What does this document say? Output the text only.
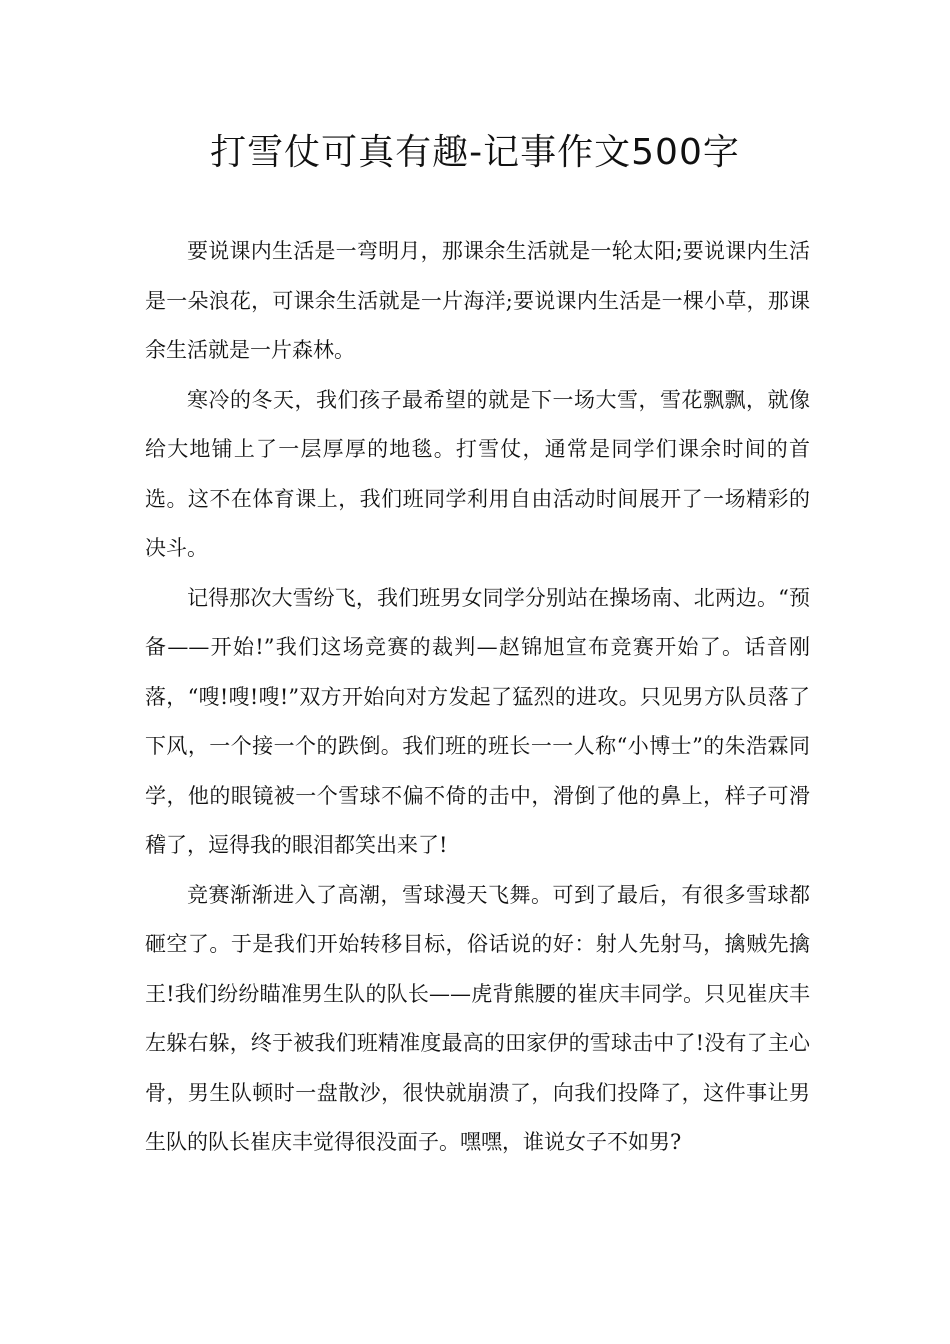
打雪仗可真有趣-记事作文500字

要说课内生活是一弯明月，那课余生活就是一轮太阳;要说课内生活是一朵浪花，可课余生活就是一片海洋;要说课内生活是一棵小草，那课余生活就是一片森林。

寒冷的冬天，我们孩子最希望的就是下一场大雪，雪花飘飘，就像给大地铺上了一层厚厚的地毯。打雪仗，通常是同学们课余时间的首选。这不在体育课上，我们班同学利用自由活动时间展开了一场精彩的决斗。

记得那次大雪纷飞，我们班男女同学分别站在操场南、北两边。“预备——开始!”我们这场竞赛的裁判—赵锦旭宣布竞赛开始了。话音刚落，“嗖!嗖!嗖!”双方开始向对方发起了猛烈的进攻。只见男方队员落了下风，一个接一个的跌倒。我们班的班长一一人称“小博士”的朱浩霖同学，他的眼镜被一个雪球不偏不倚的击中，滑倒了他的鼻上，样子可滑稽了，逗得我的眼泪都笑出来了!

竞赛渐渐进入了高潮，雪球漫天飞舞。可到了最后，有很多雪球都砸空了。于是我们开始转移目标，俗话说的好：射人先射马，擒贼先擒王!我们纷纷瞄准男生队的队长——虎背熊腰的崔庆丰同学。只见崔庆丰左躲右躲，终于被我们班精准度最高的田家伊的雪球击中了!没有了主心骨，男生队顿时一盘散沙，很快就崩溃了，向我们投降了，这件事让男生队的队长崔庆丰觉得很没面子。嘿嘿，谁说女子不如男?
